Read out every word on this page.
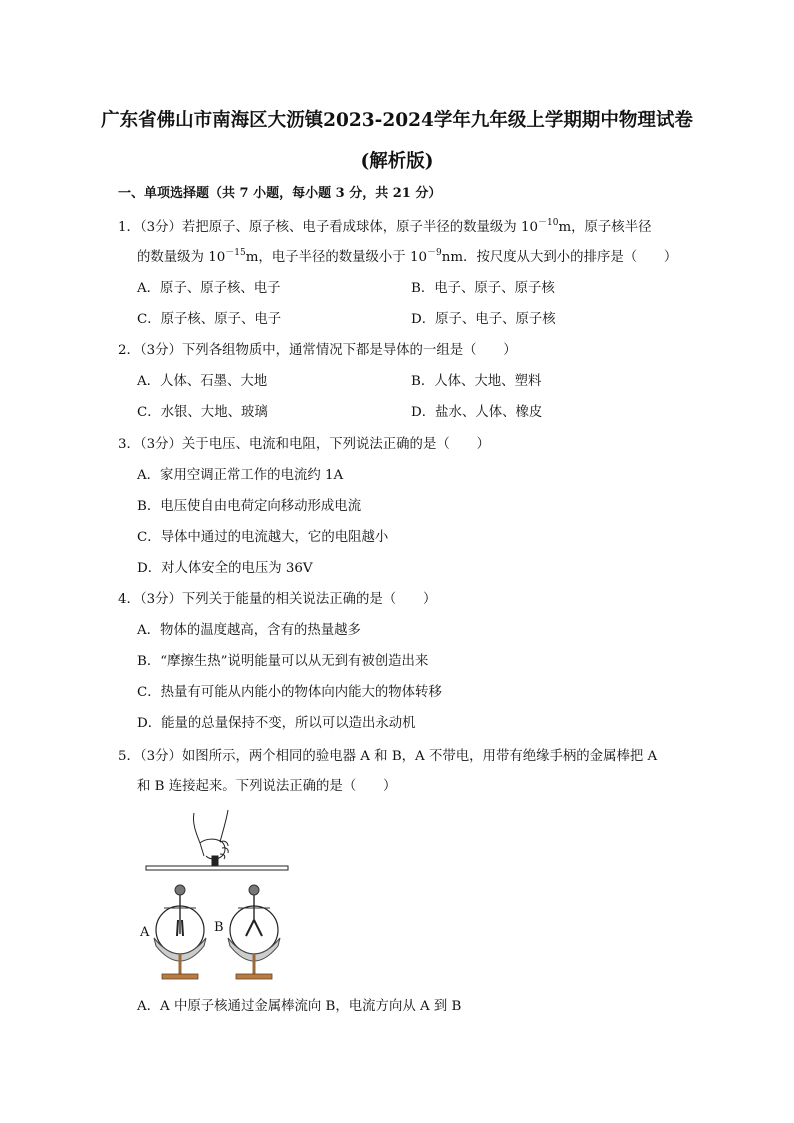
广东省佛山市南海区大沥镇2023-2024学年九年级上学期期中物理试卷(解析版)
一、单项选择题（共 7 小题，每小题 3 分，共 21 分）
1．（3分）若把原子、原子核、电子看成球体，原子半径的数量级为 $10^{-10}m$，原子核半径
的数量级为 $10^{-15}m$，电子半径的数量级小于 $10^{-9}nm$．按尺度从大到小的排序是（　　）
A．原子、原子核、电子	B．电子、原子、原子核
C．原子核、原子、电子	D．原子、电子、原子核
2．（3分）下列各组物质中，通常情况下都是导体的一组是（　　）
A．人体、石墨、大地	B．人体、大地、塑料
C．水银、大地、玻璃	D．盐水、人体、橡皮
3．（3分）关于电压、电流和电阻，下列说法正确的是（　　）
A．家用空调正常工作的电流约 1A
B．电压使自由电荷定向移动形成电流
C．导体中通过的电流越大，它的电阻越小
D．对人体安全的电压为 36V
4．（3分）下列关于能量的相关说法正确的是（　　）
A．物体的温度越高，含有的热量越多
B．“摩擦生热”说明能量可以从无到有被创造出来
C．热量有可能从内能小的物体向内能大的物体转移
D．能量的总量保持不变，所以可以造出永动机
5．（3分）如图所示，两个相同的验电器 A 和 B，A 不带电，用带有绝缘手柄的金属棒把 A
和 B 连接起来。下列说法正确的是（　　）
A	B
A．A 中原子核通过金属棒流向 B，电流方向从 A 到 B
